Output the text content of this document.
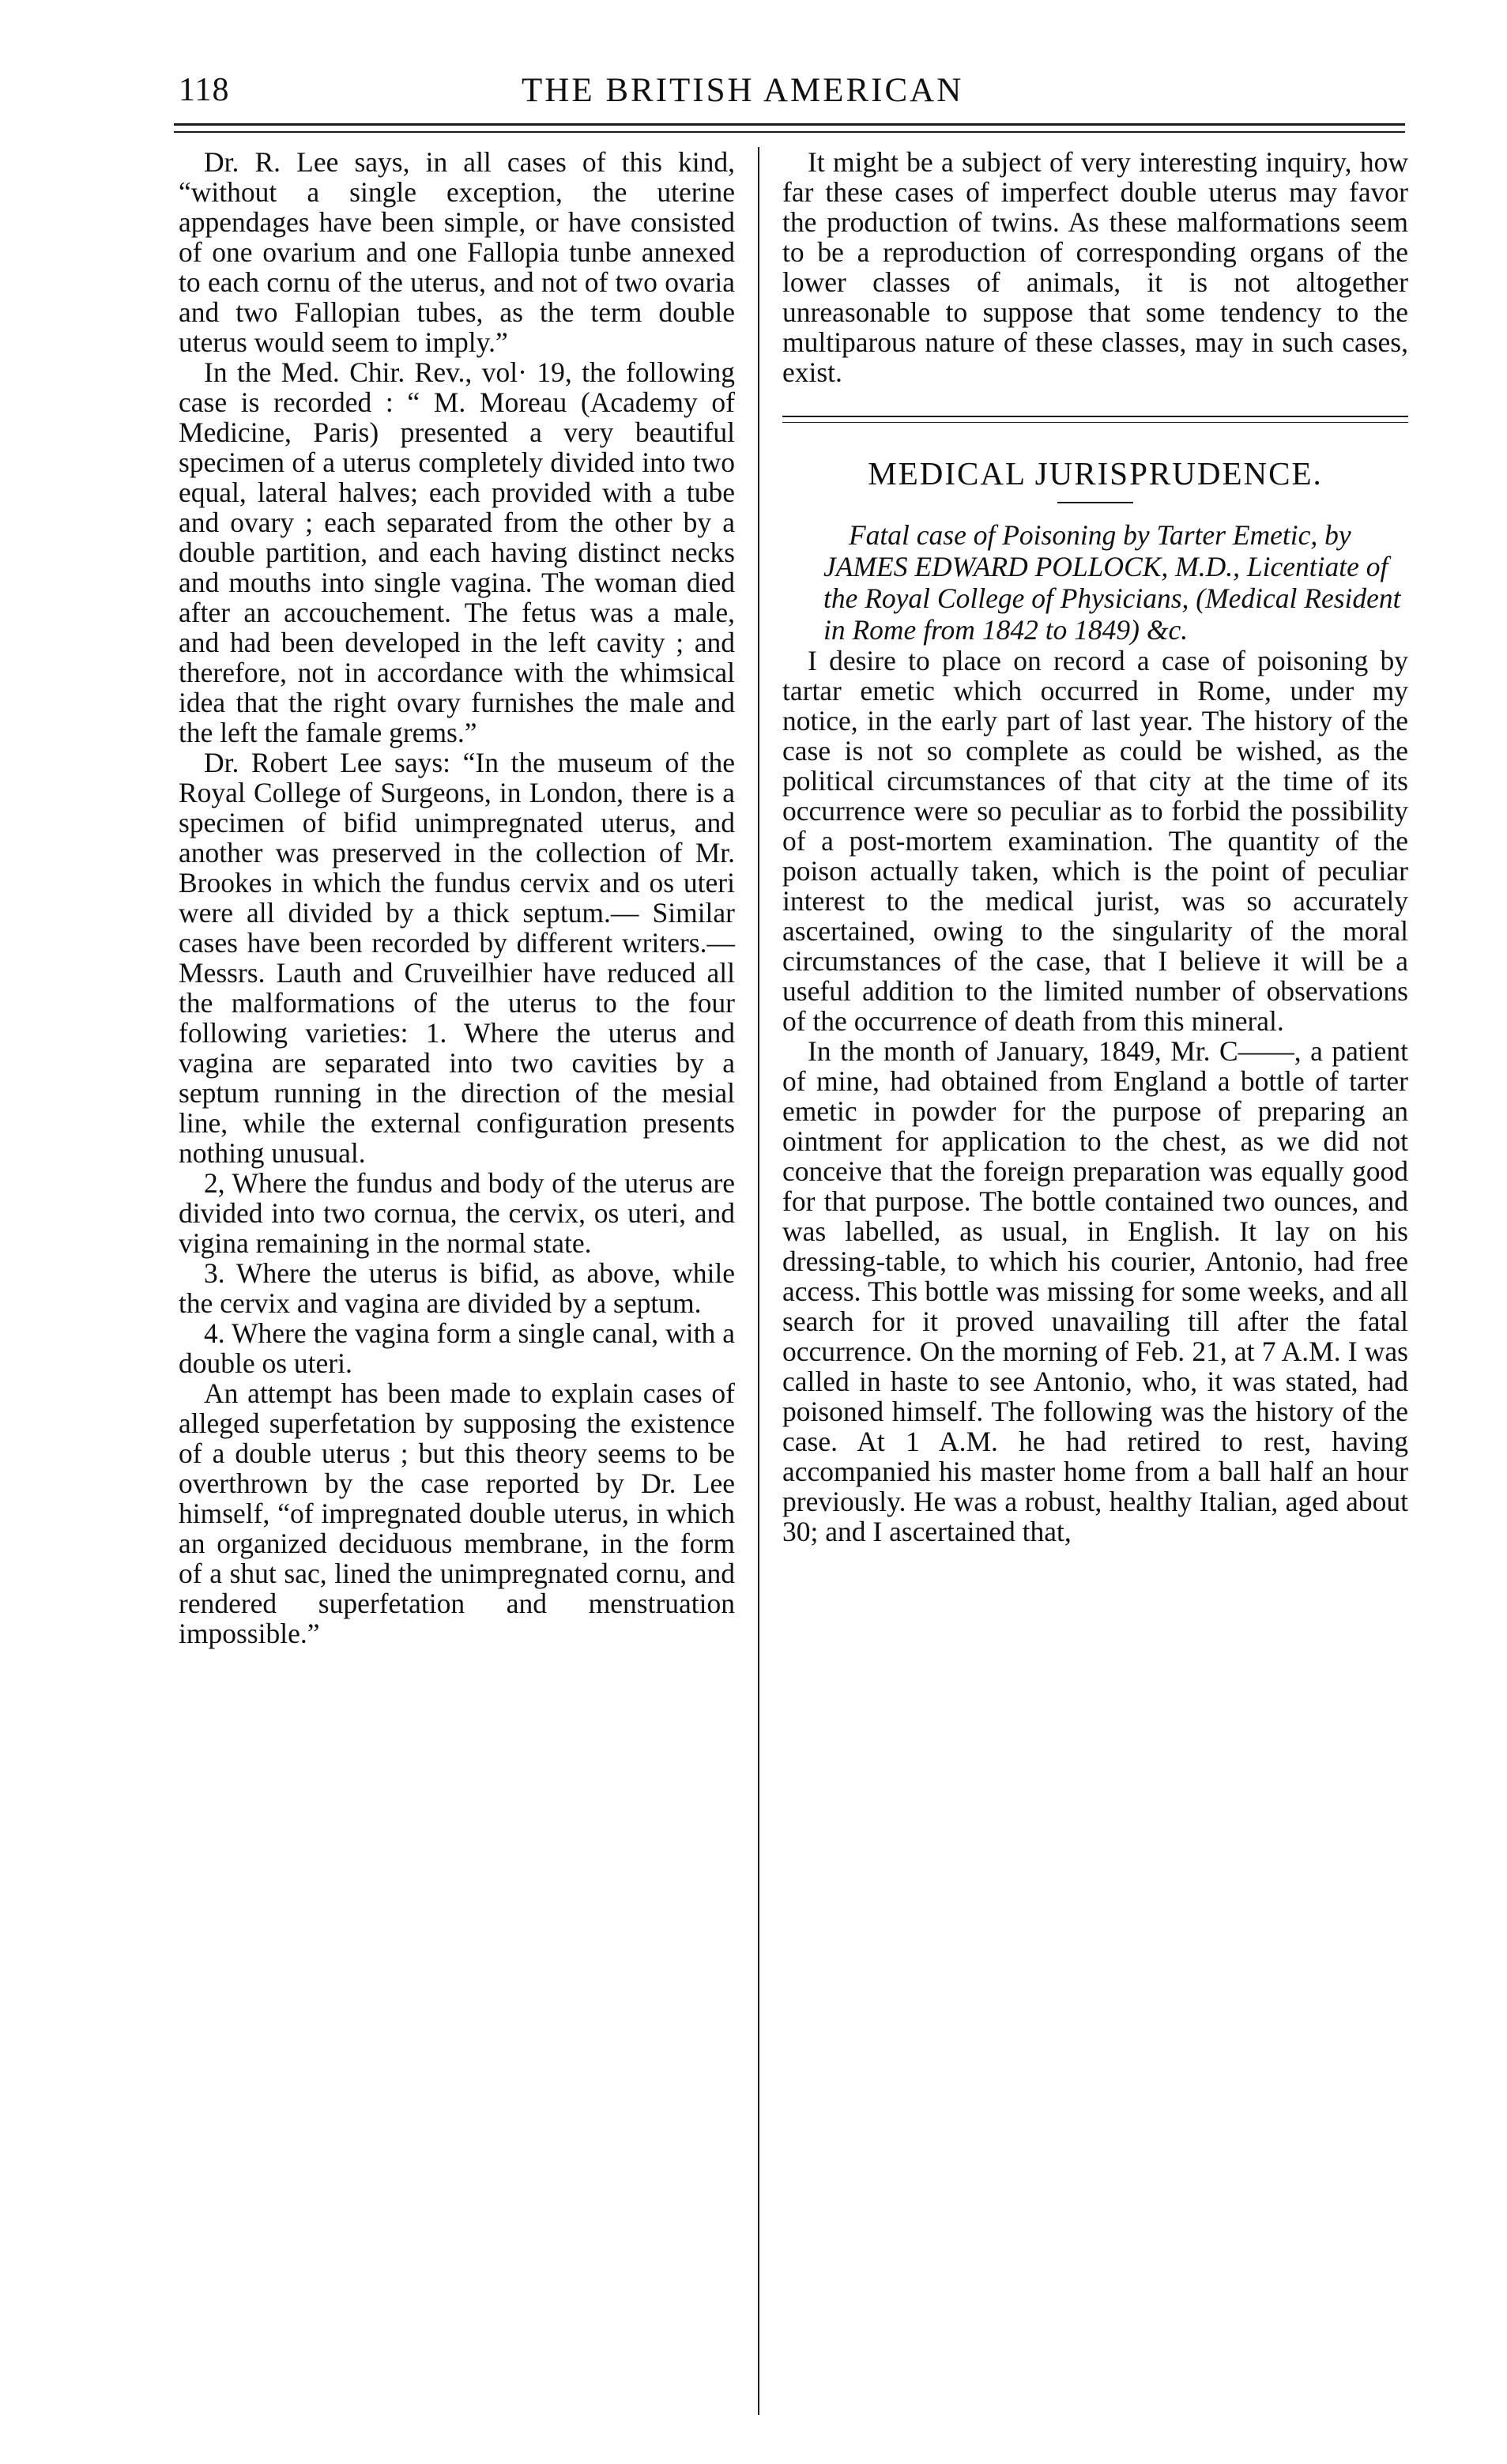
118	THE BRITISH AMERICAN

Dr. R. Lee says, in all cases of this kind, “without a single exception, the uterine appendages have been simple, or have consisted of one ovarium and one Fallopia tunbe annexed to each cornu of the uterus, and not of two ovaria and two Fallopian tubes, as the term double uterus would seem to imply.”

In the Med. Chir. Rev., vol· 19, the following case is recorded : “ M. Moreau (Academy of Medicine, Paris) presented a very beautiful specimen of a uterus completely divided into two equal, lateral halves; each provided with a tube and ovary ; each separated from the other by a double partition, and each having distinct necks and mouths into single vagina. The woman died after an accouchement. The fetus was a male, and had been developed in the left cavity ; and therefore, not in accordance with the whimsical idea that the right ovary furnishes the male and the left the famale grems.”

Dr. Robert Lee says: “In the museum of the Royal College of Surgeons, in London, there is a specimen of bifid unimpregnated uterus, and another was preserved in the collection of Mr. Brookes in which the fundus cervix and os uteri were all divided by a thick septum.— Similar cases have been recorded by different writers.—Messrs. Lauth and Cruveilhier have reduced all the malformations of the uterus to the four following varieties: 1. Where the uterus and vagina are separated into two cavities by a septum running in the direction of the mesial line, while the external configuration presents nothing unusual.

2, Where the fundus and body of the uterus are divided into two cornua, the cervix, os uteri, and vigina remaining in the normal state.

3. Where the uterus is bifid, as above, while the cervix and vagina are divided by a septum.

4. Where the vagina form a single canal, with a double os uteri.

An attempt has been made to explain cases of alleged superfetation by supposing the existence of a double uterus ; but this theory seems to be overthrown by the case reported by Dr. Lee himself, “of impregnated double uterus, in which an organized deciduous membrane, in the form of a shut sac, lined the unimpregnated cornu, and rendered superfetation and menstruation impossible.”

It might be a subject of very interesting inquiry, how far these cases of imperfect double uterus may favor the production of twins. As these malformations seem to be a reproduction of corresponding organs of the lower classes of animals, it is not altogether unreasonable to suppose that some tendency to the multiparous nature of these classes, may in such cases, exist.

MEDICAL JURISPRUDENCE.

Fatal case of Poisoning by Tarter Emetic, by JAMES EDWARD POLLOCK, M.D., Licentiate of the Royal College of Physicians, (Medical Resident in Rome from 1842 to 1849) &c.

I desire to place on record a case of poisoning by tartar emetic which occurred in Rome, under my notice, in the early part of last year. The history of the case is not so complete as could be wished, as the political circumstances of that city at the time of its occurrence were so peculiar as to forbid the possibility of a post-mortem examination. The quantity of the poison actually taken, which is the point of peculiar interest to the medical jurist, was so accurately ascertained, owing to the singularity of the moral circumstances of the case, that I believe it will be a useful addition to the limited number of observations of the occurrence of death from this mineral.

In the month of January, 1849, Mr. C——, a patient of mine, had obtained from England a bottle of tarter emetic in powder for the purpose of preparing an ointment for application to the chest, as we did not conceive that the foreign preparation was equally good for that purpose. The bottle contained two ounces, and was labelled, as usual, in English. It lay on his dressing-table, to which his courier, Antonio, had free access. This bottle was missing for some weeks, and all search for it proved unavailing till after the fatal occurrence. On the morning of Feb. 21, at 7 A.M. I was called in haste to see Antonio, who, it was stated, had poisoned himself. The following was the history of the case. At 1 A.M. he had retired to rest, having accompanied his master home from a ball half an hour previously. He was a robust, healthy Italian, aged about 30; and I ascertained that,
